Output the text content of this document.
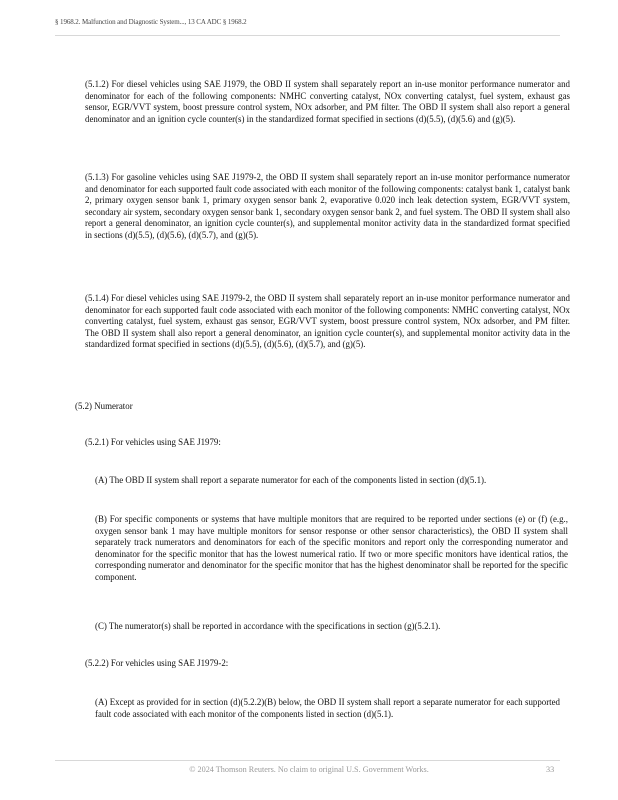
§ 1968.2. Malfunction and Diagnostic System..., 13 CA ADC § 1968.2

(5.1.2) For diesel vehicles using SAE J1979, the OBD II system shall separately report an in-use monitor performance numerator and denominator for each of the following components: NMHC converting catalyst, NOx converting catalyst, fuel system, exhaust gas sensor, EGR/VVT system, boost pressure control system, NOx adsorber, and PM filter. The OBD II system shall also report a general denominator and an ignition cycle counter(s) in the standardized format specified in sections (d)(5.5), (d)(5.6) and (g)(5).

(5.1.3) For gasoline vehicles using SAE J1979-2, the OBD II system shall separately report an in-use monitor performance numerator and denominator for each supported fault code associated with each monitor of the following components: catalyst bank 1, catalyst bank 2, primary oxygen sensor bank 1, primary oxygen sensor bank 2, evaporative 0.020 inch leak detection system, EGR/VVT system, secondary air system, secondary oxygen sensor bank 1, secondary oxygen sensor bank 2, and fuel system. The OBD II system shall also report a general denominator, an ignition cycle counter(s), and supplemental monitor activity data in the standardized format specified in sections (d)(5.5), (d)(5.6), (d)(5.7), and (g)(5).

(5.1.4) For diesel vehicles using SAE J1979-2, the OBD II system shall separately report an in-use monitor performance numerator and denominator for each supported fault code associated with each monitor of the following components: NMHC converting catalyst, NOx converting catalyst, fuel system, exhaust gas sensor, EGR/VVT system, boost pressure control system, NOx adsorber, and PM filter. The OBD II system shall also report a general denominator, an ignition cycle counter(s), and supplemental monitor activity data in the standardized format specified in sections (d)(5.5), (d)(5.6), (d)(5.7), and (g)(5).

(5.2) Numerator

(5.2.1) For vehicles using SAE J1979:

(A) The OBD II system shall report a separate numerator for each of the components listed in section (d)(5.1).

(B) For specific components or systems that have multiple monitors that are required to be reported under sections (e) or (f) (e.g., oxygen sensor bank 1 may have multiple monitors for sensor response or other sensor characteristics), the OBD II system shall separately track numerators and denominators for each of the specific monitors and report only the corresponding numerator and denominator for the specific monitor that has the lowest numerical ratio. If two or more specific monitors have identical ratios, the corresponding numerator and denominator for the specific monitor that has the highest denominator shall be reported for the specific component.

(C) The numerator(s) shall be reported in accordance with the specifications in section (g)(5.2.1).

(5.2.2) For vehicles using SAE J1979-2:

(A) Except as provided for in section (d)(5.2.2)(B) below, the OBD II system shall report a separate numerator for each supported fault code associated with each monitor of the components listed in section (d)(5.1).

© 2024 Thomson Reuters. No claim to original U.S. Government Works.	33
